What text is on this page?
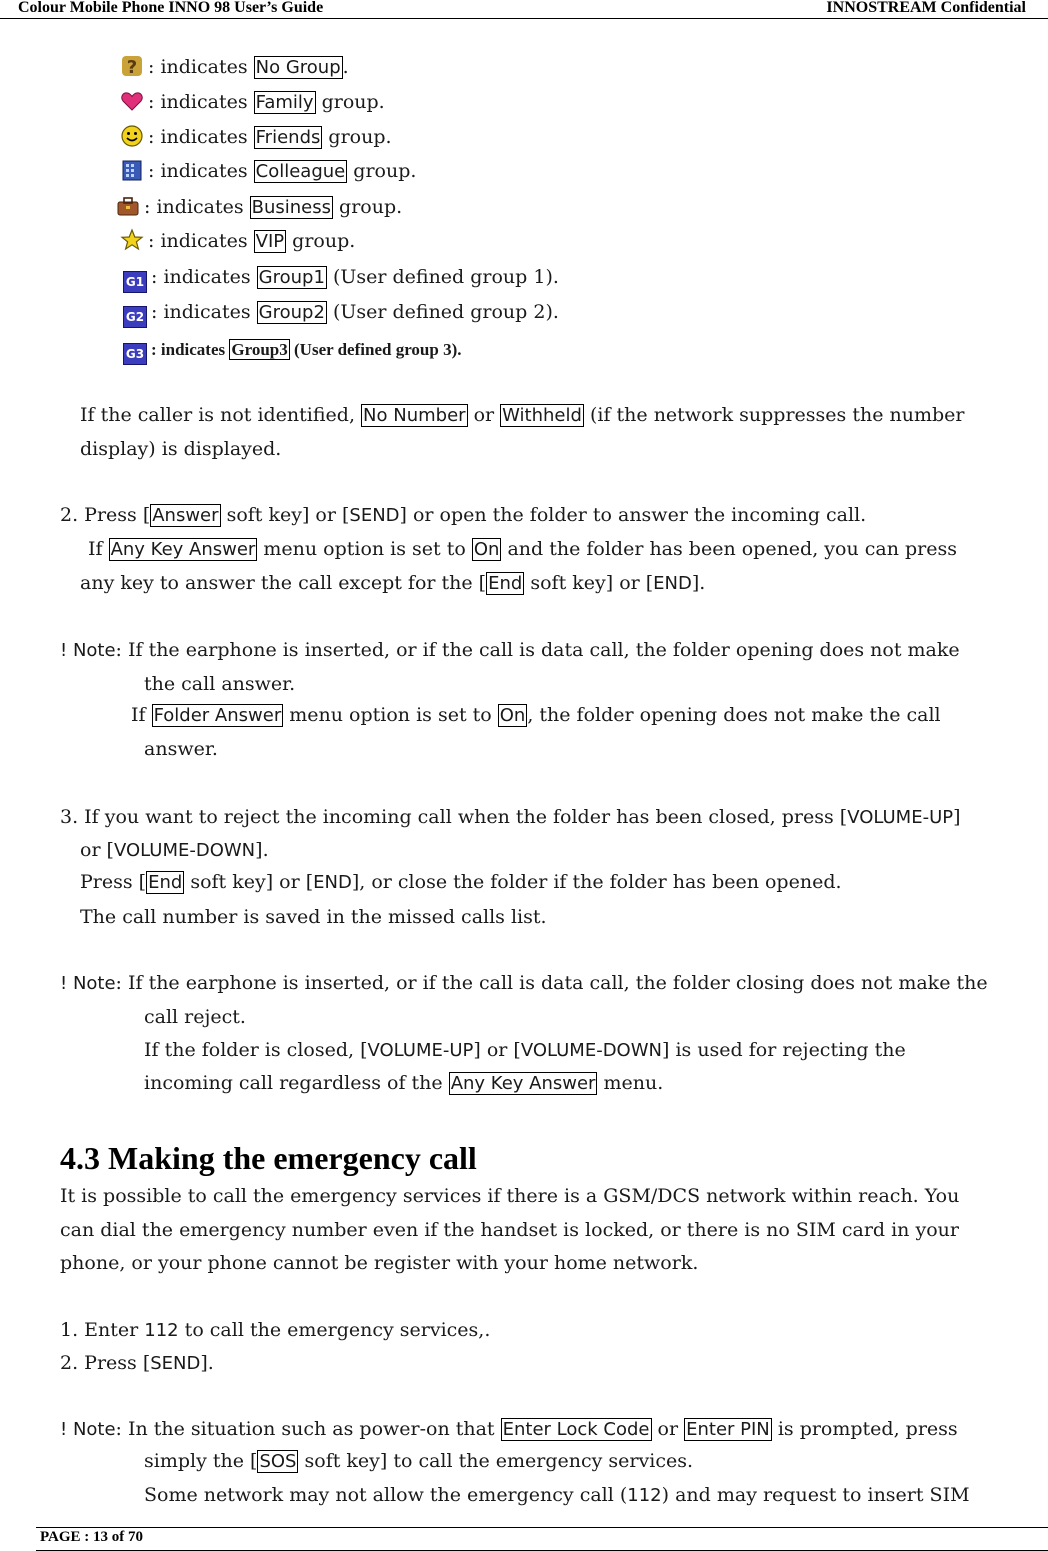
Colour Mobile Phone INNO 98 User’s Guide	INNOSTREAM Confidential
? : indicates No Group .
: indicates Family group.
: indicates Friends group.
: indicates Colleague group.
: indicates Business group.
: indicates VIP group.
G1 : indicates Group1 (User defined group 1).
G2 : indicates Group2 (User defined group 2).
G3 : indicates Group3 (User defined group 3).
If the caller is not identified, No Number or Withheld (if the network suppresses the number
display) is displayed.
2. Press [ Answer soft key] or [SEND] or open the folder to answer the incoming call.
If Any Key Answer menu option is set to On and the folder has been opened, you can press
any key to answer the call except for the [ End soft key] or [END].
! Note: If the earphone is inserted, or if the call is data call, the folder opening does not make
the call answer.
If Folder Answer menu option is set to On , the folder opening does not make the call
answer.
3. If you want to reject the incoming call when the folder has been closed, press [VOLUME-UP]
or [VOLUME-DOWN].
Press [ End soft key] or [END], or close the folder if the folder has been opened.
The call number is saved in the missed calls list.
! Note: If the earphone is inserted, or if the call is data call, the folder closing does not make the
call reject.
If the folder is closed, [VOLUME-UP] or [VOLUME-DOWN] is used for rejecting the
incoming call regardless of the Any Key Answer menu.
4.3 Making the emergency call
It is possible to call the emergency services if there is a GSM/DCS network within reach. You
can dial the emergency number even if the handset is locked, or there is no SIM card in your
phone, or your phone cannot be register with your home network.
1. Enter 112 to call the emergency services,.
2. Press [SEND].
! Note: In the situation such as power-on that Enter Lock Code or Enter PIN is prompted, press
simply the [ SOS soft key] to call the emergency services.
Some network may not allow the emergency call (112) and may request to insert SIM
PAGE : 13 of 70
